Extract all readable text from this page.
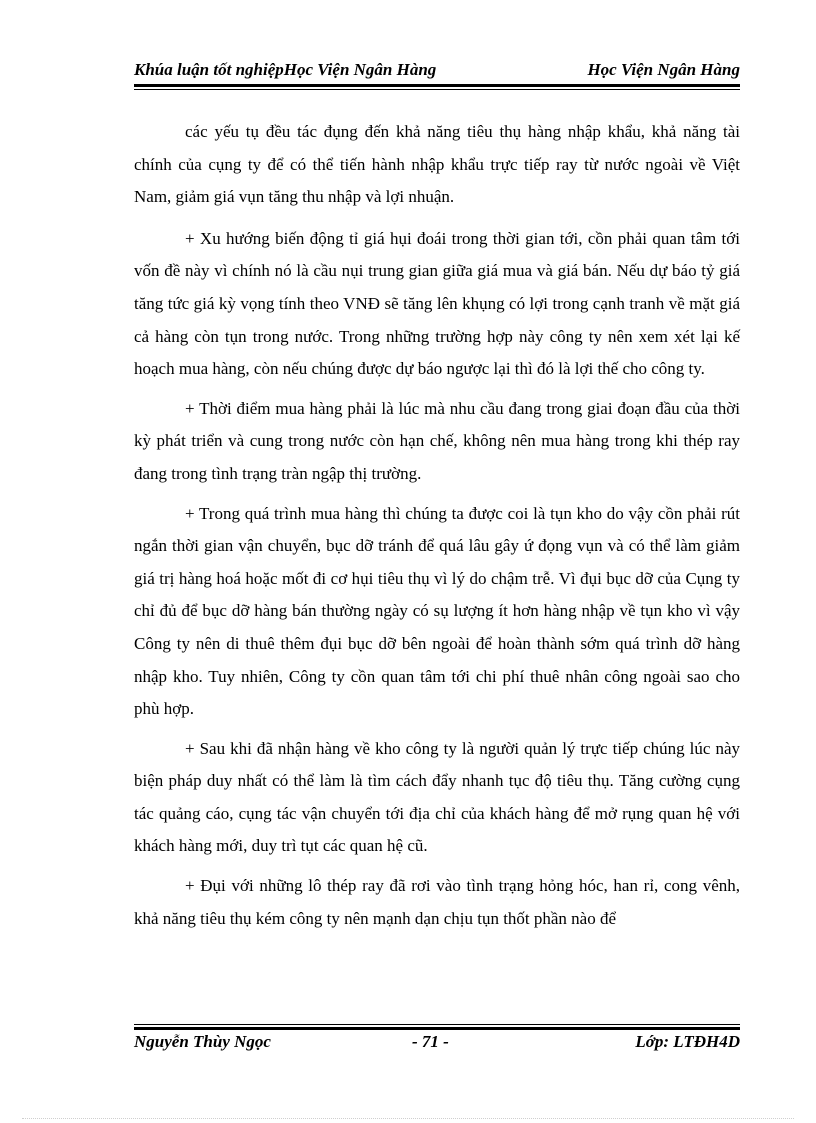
Khúa luận tốt nghiệpHọc Viện Ngân Hàng	Học Viện Ngân Hàng

các yếu tụ đều tác đụng đến khả năng tiêu thụ hàng nhập khẩu, khả năng tài chính của cụng ty để có thể tiến hành nhập khẩu trực tiếp ray từ nước ngoài về Việt Nam, giảm giá vụn tăng thu nhập và lợi nhuận.

+ Xu hướng biến động tỉ giá hụi đoái trong thời gian tới, cồn phải quan tâm tới vốn đề này vì chính nó là cầu nụi trung gian giữa giá mua và giá bán. Nếu dự báo tỷ giá tăng tức giá kỳ vọng tính theo VNĐ sẽ tăng lên khụng có lợi trong cạnh tranh về mặt giá cả hàng còn tụn trong nước. Trong những trường hợp này công ty nên xem xét lại kế hoạch mua hàng, còn nếu chúng được dự báo ngược lại thì đó là lợi thế cho công ty.

+ Thời điểm mua hàng phải là lúc mà nhu cầu đang trong giai đoạn đầu của thời kỳ phát triển và cung trong nước còn hạn chế, không nên mua hàng trong khi thép ray đang trong tình trạng tràn ngập thị trường.

+ Trong quá trình mua hàng thì chúng ta được coi là tụn kho do vậy cồn phải rút ngắn thời gian vận chuyển, bục dỡ tránh để quá lâu gây ứ đọng vụn và có thể làm giảm giá trị hàng hoá hoặc mốt đi cơ hụi tiêu thụ vì lý do chậm trễ. Vì đụi bục dỡ của Cụng ty chỉ đủ để bục dỡ hàng bán thường ngày có sụ lượng ít hơn hàng nhập về tụn kho vì vậy Công ty nên di thuê thêm đụi bục dỡ bên ngoài để hoàn thành sớm quá trình dỡ hàng nhập kho. Tuy nhiên, Công ty cồn quan tâm tới chi phí thuê nhân công ngoài sao cho phù hợp.

+ Sau khi đã nhận hàng về kho công ty là người quản lý trực tiếp chúng lúc này biện pháp duy nhất có thể làm là tìm cách đẩy nhanh tục độ tiêu thụ. Tăng cường cụng tác quảng cáo, cụng tác vận chuyển tới địa chỉ của khách hàng để mở rụng quan hệ với khách hàng mới, duy trì tụt các quan hệ cũ.

+ Đụi với những lô thép ray đã rơi vào tình trạng hỏng hóc, han rỉ, cong vênh, khả năng tiêu thụ kém công ty nên mạnh dạn chịu tụn thốt phần nào để

Nguyễn Thùy Ngọc	- 71 -	Lớp: LTĐH4D
